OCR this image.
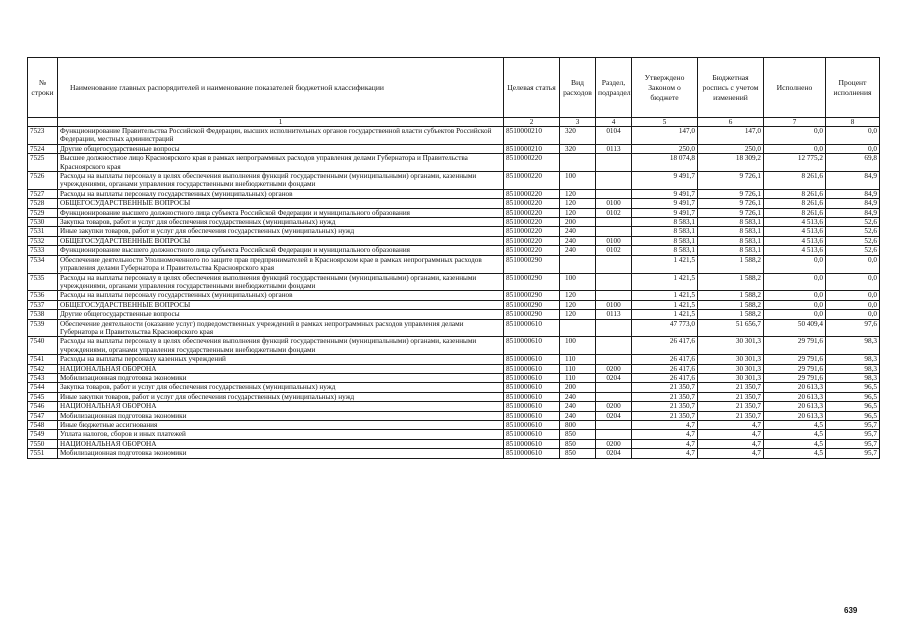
№ строки	Наименование главных распорядителей и наименование показателей бюджетной классификации	Целевая статья	Вид расходов	Раздел, подраздел	Утверждено Законом о бюджете	Бюджетная роспись с учетом изменений	Исполнено	Процент исполнения
	1	2	3	4	5	6	7	8
7523	Функционирование Правительства Российской Федерации, высших исполнительных органов государственной власти субъектов Российской Федерации, местных администраций	8510000210	320	0104	147,0	147,0	0,0	0,0
7524	Другие общегосударственные вопросы	8510000210	320	0113	250,0	250,0	0,0	0,0
7525	Высшее должностное лицо Красноярского края в рамках непрограммных расходов управления делами Губернатора и Правительства Красноярского края	8510000220			18 074,8	18 309,2	12 775,2	69,8
7526	Расходы на выплаты персоналу в целях обеспечения выполнения функций государственными (муниципальными) органами, казенными учреждениями, органами управления государственными внебюджетными фондами	8510000220	100		9 491,7	9 726,1	8 261,6	84,9
7527	Расходы на выплаты персоналу государственных (муниципальных) органов	8510000220	120		9 491,7	9 726,1	8 261,6	84,9
7528	ОБЩЕГОСУДАРСТВЕННЫЕ ВОПРОСЫ	8510000220	120	0100	9 491,7	9 726,1	8 261,6	84,9
7529	Функционирование высшего должностного лица субъекта Российской Федерации и муниципального образования	8510000220	120	0102	9 491,7	9 726,1	8 261,6	84,9
7530	Закупка товаров, работ и услуг для обеспечения государственных (муниципальных) нужд	8510000220	200		8 583,1	8 583,1	4 513,6	52,6
7531	Иные закупки товаров, работ и услуг для обеспечения государственных (муниципальных) нужд	8510000220	240		8 583,1	8 583,1	4 513,6	52,6
7532	ОБЩЕГОСУДАРСТВЕННЫЕ ВОПРОСЫ	8510000220	240	0100	8 583,1	8 583,1	4 513,6	52,6
7533	Функционирование высшего должностного лица субъекта Российской Федерации и муниципального образования	8510000220	240	0102	8 583,1	8 583,1	4 513,6	52,6
7534	Обеспечение деятельности Уполномоченного по защите прав предпринимателей в Красноярском крае в рамках непрограммных расходов управления делами Губернатора и Правительства Красноярского края	8510000290			1 421,5	1 588,2	0,0	0,0
7535	Расходы на выплаты персоналу в целях обеспечения выполнения функций государственными (муниципальными) органами, казенными учреждениями, органами управления государственными внебюджетными фондами	8510000290	100		1 421,5	1 588,2	0,0	0,0
7536	Расходы на выплаты персоналу государственных (муниципальных) органов	8510000290	120		1 421,5	1 588,2	0,0	0,0
7537	ОБЩЕГОСУДАРСТВЕННЫЕ ВОПРОСЫ	8510000290	120	0100	1 421,5	1 588,2	0,0	0,0
7538	Другие общегосударственные вопросы	8510000290	120	0113	1 421,5	1 588,2	0,0	0,0
7539	Обеспечение деятельности (оказание услуг) подведомственных учреждений в рамках непрограммных расходов управления делами Губернатора и Правительства Красноярского края	8510000610			47 773,0	51 656,7	50 409,4	97,6
7540	Расходы на выплаты персоналу в целях обеспечения выполнения функций государственными (муниципальными) органами, казенными учреждениями, органами управления государственными внебюджетными фондами	8510000610	100		26 417,6	30 301,3	29 791,6	98,3
7541	Расходы на выплаты персоналу казенных учреждений	8510000610	110		26 417,6	30 301,3	29 791,6	98,3
7542	НАЦИОНАЛЬНАЯ ОБОРОНА	8510000610	110	0200	26 417,6	30 301,3	29 791,6	98,3
7543	Мобилизационная подготовка экономики	8510000610	110	0204	26 417,6	30 301,3	29 791,6	98,3
7544	Закупка товаров, работ и услуг для обеспечения государственных (муниципальных) нужд	8510000610	200		21 350,7	21 350,7	20 613,3	96,5
7545	Иные закупки товаров, работ и услуг для обеспечения государственных (муниципальных) нужд	8510000610	240		21 350,7	21 350,7	20 613,3	96,5
7546	НАЦИОНАЛЬНАЯ ОБОРОНА	8510000610	240	0200	21 350,7	21 350,7	20 613,3	96,5
7547	Мобилизационная подготовка экономики	8510000610	240	0204	21 350,7	21 350,7	20 613,3	96,5
7548	Иные бюджетные ассигнования	8510000610	800		4,7	4,7	4,5	95,7
7549	Уплата налогов, сборов и иных платежей	8510000610	850		4,7	4,7	4,5	95,7
7550	НАЦИОНАЛЬНАЯ ОБОРОНА	8510000610	850	0200	4,7	4,7	4,5	95,7
7551	Мобилизационная подготовка экономики	8510000610	850	0204	4,7	4,7	4,5	95,7
639
